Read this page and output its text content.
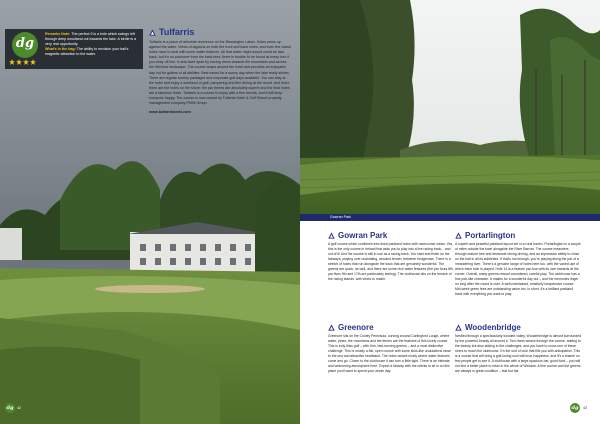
dg
Remarks Note: The perfect 9 is a hole which swings left through deep woodland out towards the lake. A birdie is a very real opportunity.
What's in the bag: The ability to envision your ball's magnetic attraction to the water.
Tulfarris

Tulfarris is a place of absolute reverence on the Blessington Lakes. Holes press up against the water. Views of lagoons on both the front and back nines, and even the island holes have to deal with some water features. All that water might sound could be laid-back, but it's no pushover from the back tees; there is trouble to be found at every turn if you stray off line. It sets itself apart by having views towards the mountains and across the Wicklow landscape. The course wraps around the hotel and provides an enjoyable day out for golfers of all abilities. Best saved for a sunny day when the lake really shines. There are regular society packages and corporate golf days available. You can stay at the hotel and enjoy a weekend of golf, pampering and fine dining at the resort. And there there are the holes on the shore: the par threes are absolutely superb and the final holes are a fabulous finish. Tulfarris is a course to enjoy with a few friends, and it will keep everyone happy. The course is now owned by Tulfarris Hotel & Golf Resort property management company PMNI Group.

www.tulfarrishotel.com
dg 42
Gowran Park
Gowran Park

A golf course which combines tree-lined parkland holes with racecourse views. Yes, this is the only course in Ireland that asks you to play into a live racing track... and out of it! And the course is still in use as a racing track. You start and finish on the fairways, playing over undulating, wooded terrain, between hedgerows. There is a stretch of holes that run alongside the track that are genuinely wonderful. The greens are quick, as well, and there are some nice water features (the par fours 8th, par fives 9th and 17th are particularly testing). The clubhouse sits on the terrace of the racing stands, with views to match.

Portarlington

A superb and peaceful parkland layout set in a rural haven. Portarlington is a couple of miles outside the town alongside the River Barrow. The course meanders through mature tree and demands strong driving, and an impressive ability to close on the ball in all its subtleties. If that's not enough, you're playing along the par of a meandering river. There's a genuine range of holes here too, with the varied use of which each hole is played. Hole 14 is a feature par-four with its own hazards at the corner. Overall, many greens reward considered, careful play. The clubhouse has a fine pub-like character. It makes for a wonderful day out – and the memories linger on long after the round is over. A well-maintained, relatively inexpensive course. Mid-week green fees are outstanding value too. In short, it's a brilliant parkland track with everything you want to play.

Greenore

Greenore sits on the Cooley Peninsula, curving around Carlingford Lough, where water, pines, the mountains and the ferries are the features of this lovely course. This is truly links golf – with firm, fast-running greens – and a most distinctive challenge. This is mostly a flat, open course with some links-like undulations close to the sea and attractive heathland. The holes weave nicely where water features come and go. Closer to the clubhouse it can turn a little tight. There is an intimate and welcoming atmosphere here. Expect a fairway with the clients to sit in on this place you'll want to spend your whole day.

Woodenbridge

Nestled through a spectacularly wooded valley, Woodenbridge is almost surrounded by the powerful beauty all around it. Two rivers weave through the course, adding to the beauty but also adding to the challenges, and you have to cross one of these rivers to reach the clubhouse. It's the sort of club that fills you with anticipation. This is a course that will bring a golf-loving soul with true happiness, and it's a shame so few people get to see it. A clubhouse with a large spacious bar, good food – you will not find a better place to relax in the whole of Wicklow. A fine course and the greens are always in great condition – fast but fair.

dg	43
